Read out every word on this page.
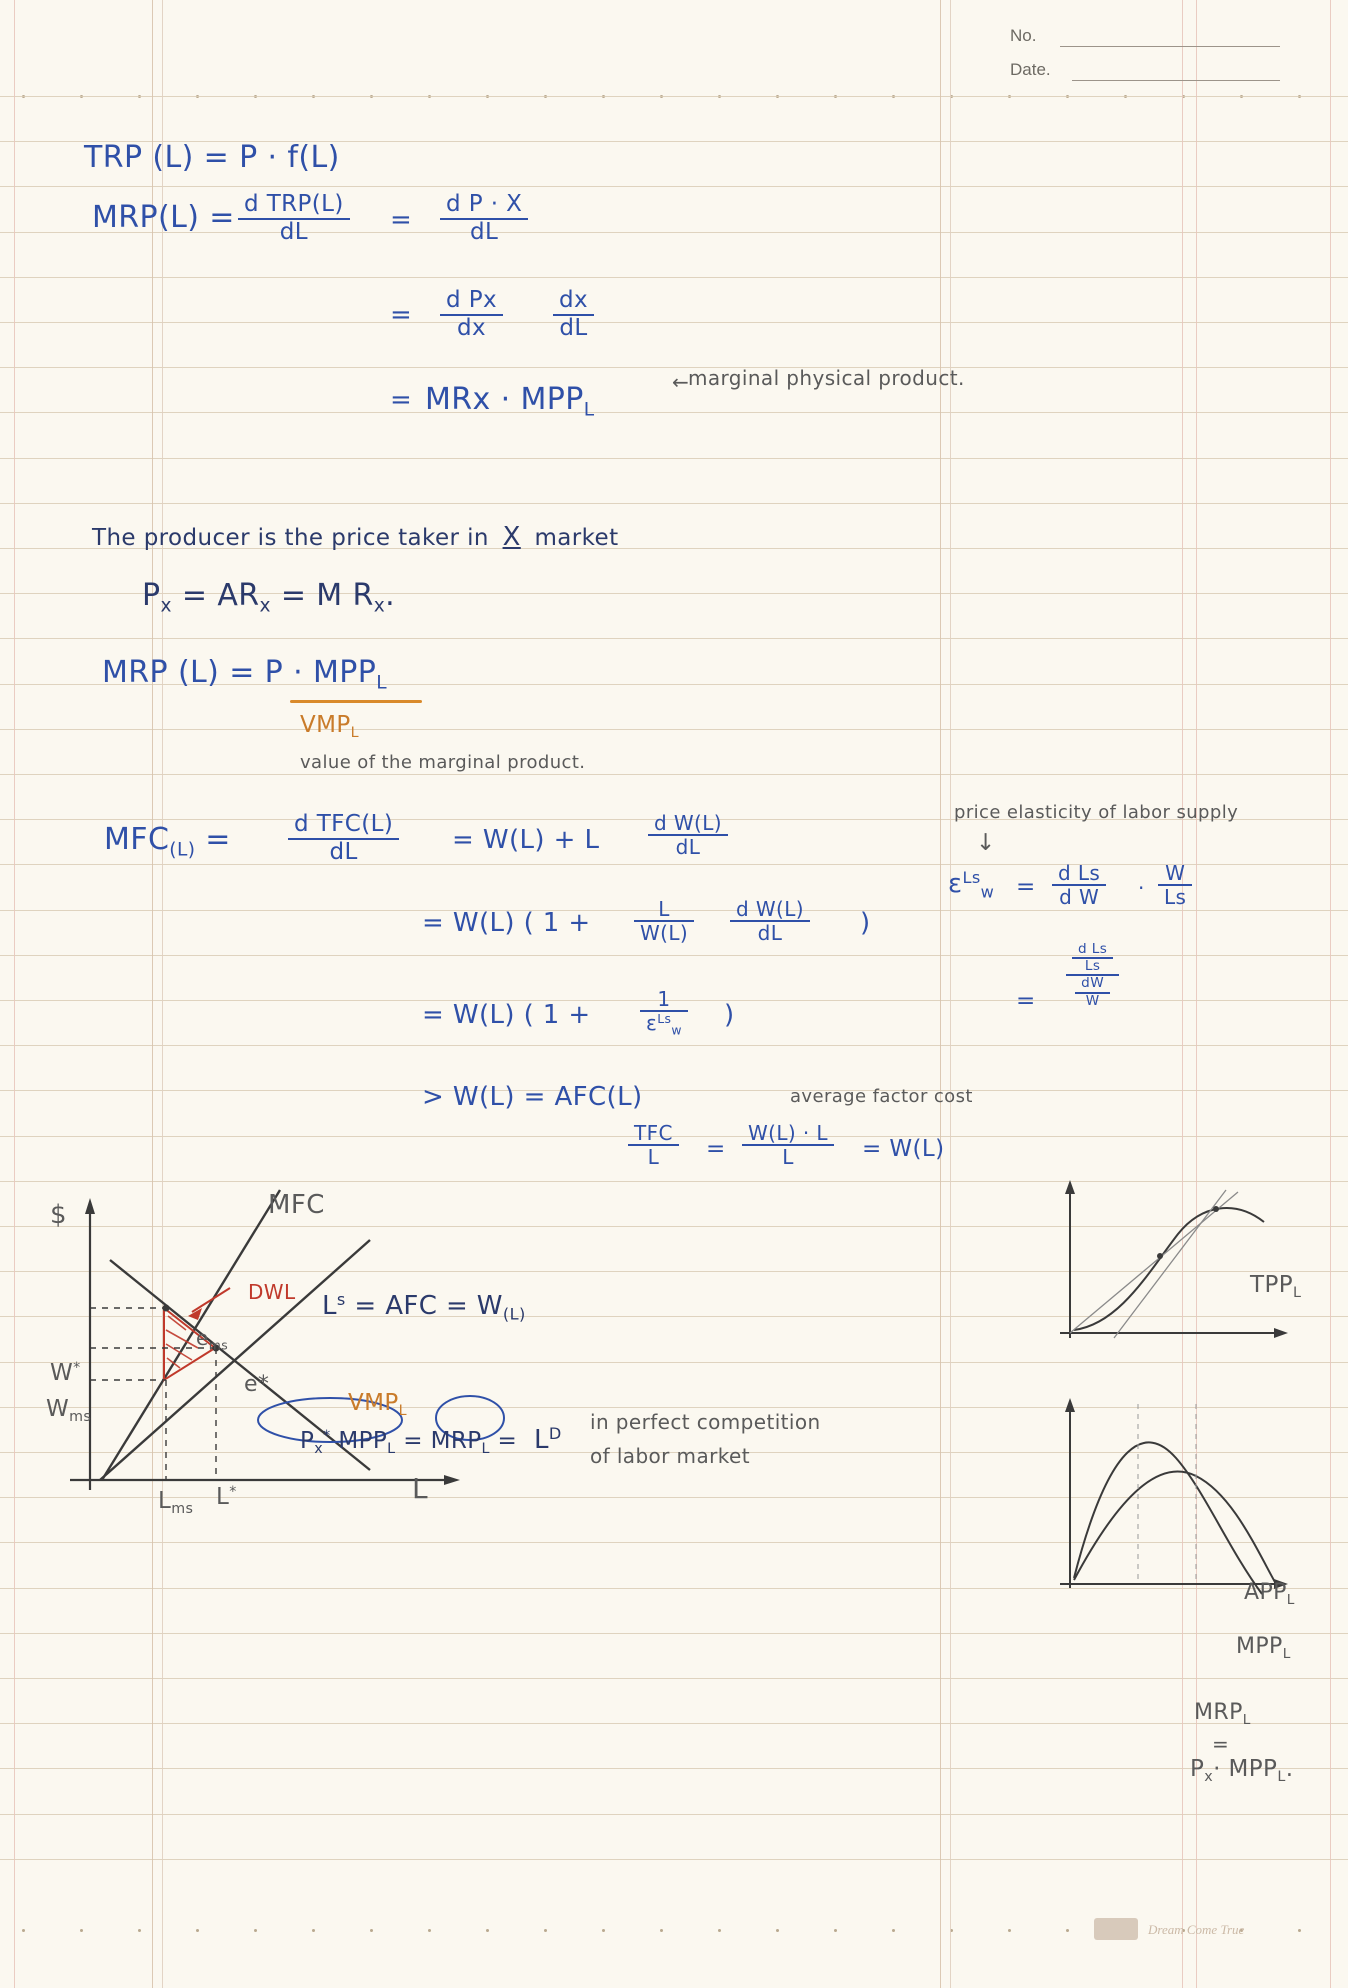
No.
Date.
TRP (L) = P · f(L)
$MRP(L) = \frac{\text{d TRP(L)}}{dL} = \frac{\text{d P · X}}{dL}$
= $\frac{\text{d Px}}{dx} \frac{dx}{dL}$
= MRx · $MPP_L$
←
marginal physical product.
The producer is the price taker in X market
$P_x = AR_x = M$ $R_x$.
MRP $(L) = P \cdot MPP_L$
$VMP_L$
value of the marginal product.
$MFC_{(L)} = \frac{\text{d TFC(L)}}{dL} = W(L) + L \frac{\text{d W(L)}}{dL}$
= W(L) ( $1 + \frac{L}{W(L)} \frac{\text{d W(L)}}{dL}$ )
= W(L) ( $1 + \frac{1}{\varepsilon^{Ls}_w}$ )
> W(L) = AFC(L)	average factor cost
$\frac{\text{TFC}}{L} = \frac{W(L) \cdot L}{L} = W(L)$
price elasticity of labor supply
↓
$\varepsilon^{Ls}_w = \frac{\text{d Ls}}{\text{d W}} \cdot \frac{W}{Ls}$
= $\frac{\frac{\text{d Ls}}{Ls}}{\frac{dW}{W}}$
$	MFC
DWL $L^s$ = AFC = $W_{(L)}$
$e_{ms}$
e*
W*
$W_{ms}$
$L_{ms}$ L*	L
$VMP_L$
$P_x^*$ $MPP_L = MRP_L = L^D$ in perfect competition
of labor market
$TPP_L$
$APP_L$
$MPP_L$
$MRP_L$
=
$P_x\cdot MPP_L$.
Dream Come True
